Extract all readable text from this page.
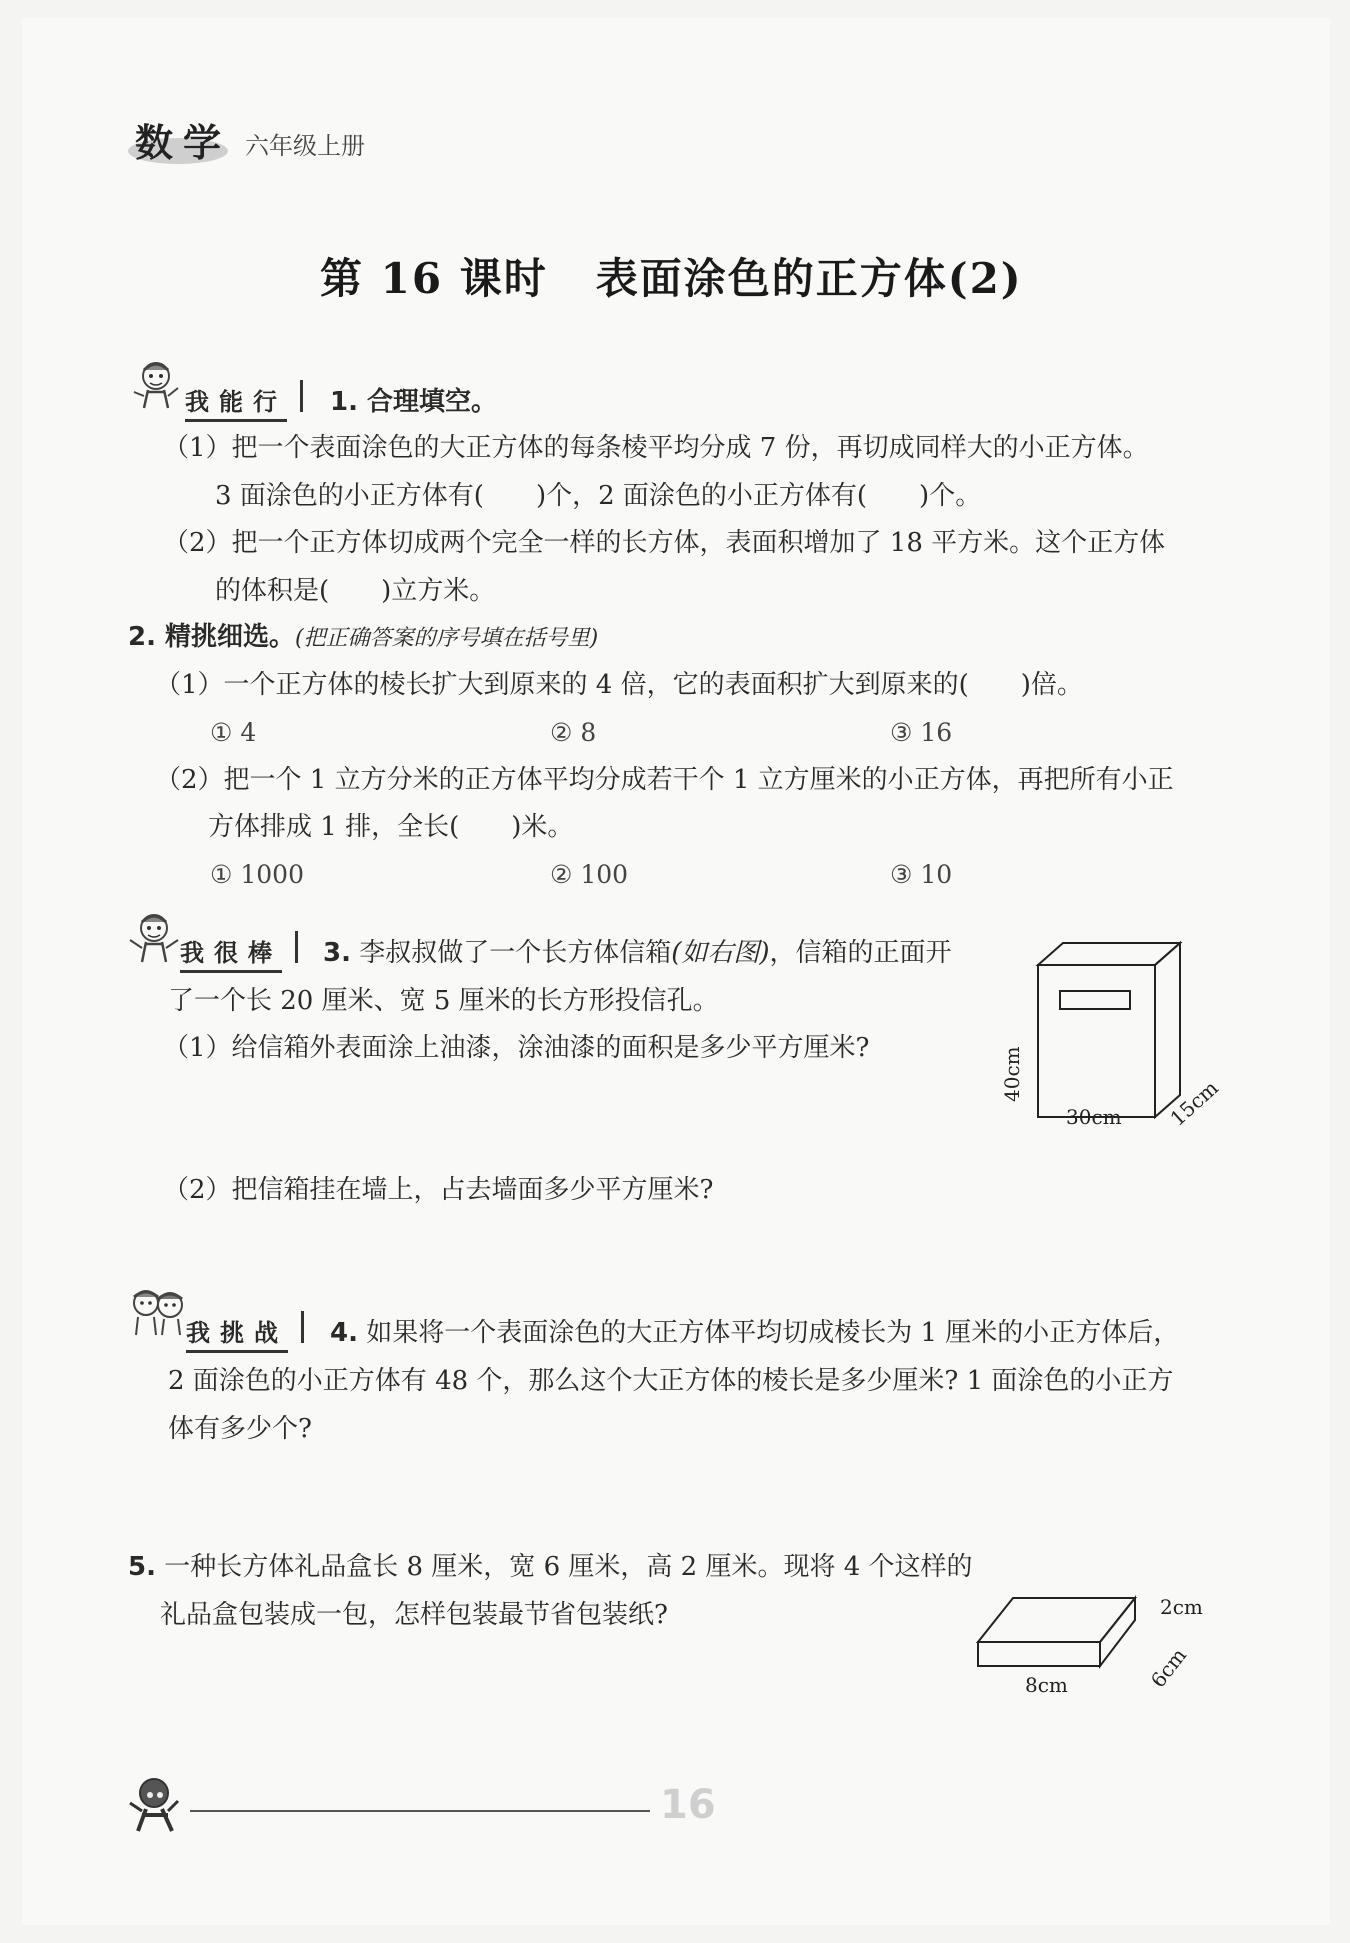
数学 六年级上册
第 16 课时 表面涂色的正方体(2)
我能行 1. 合理填空。
（1）把一个表面涂色的大正方体的每条棱平均分成 7 份，再切成同样大的小正方体。
3 面涂色的小正方体有(　　)个，2 面涂色的小正方体有(　　)个。
（2）把一个正方体切成两个完全一样的长方体，表面积增加了 18 平方米。这个正方体
的体积是(　　)立方米。
2. 精挑细选。(把正确答案的序号填在括号里)
（1）一个正方体的棱长扩大到原来的 4 倍，它的表面积扩大到原来的(　　)倍。
① 4	② 8	③ 16
（2）把一个 1 立方分米的正方体平均分成若干个 1 立方厘米的小正方体，再把所有小正
方体排成 1 排，全长(　　)米。
① 1000	② 100	③ 10
我很棒 3. 李叔叔做了一个长方体信箱(如右图)，信箱的正面开
了一个长 20 厘米、宽 5 厘米的长方形投信孔。
（1）给信箱外表面涂上油漆，涂油漆的面积是多少平方厘米?
（2）把信箱挂在墙上，占去墙面多少平方厘米?
40cm
30cm	15cm
我挑战 4. 如果将一个表面涂色的大正方体平均切成棱长为 1 厘米的小正方体后，
2 面涂色的小正方体有 48 个，那么这个大正方体的棱长是多少厘米? 1 面涂色的小正方
体有多少个?
5. 一种长方体礼品盒长 8 厘米，宽 6 厘米，高 2 厘米。现将 4 个这样的
礼品盒包装成一包，怎样包装最节省包装纸?	2cm
8cm	6cm
16
